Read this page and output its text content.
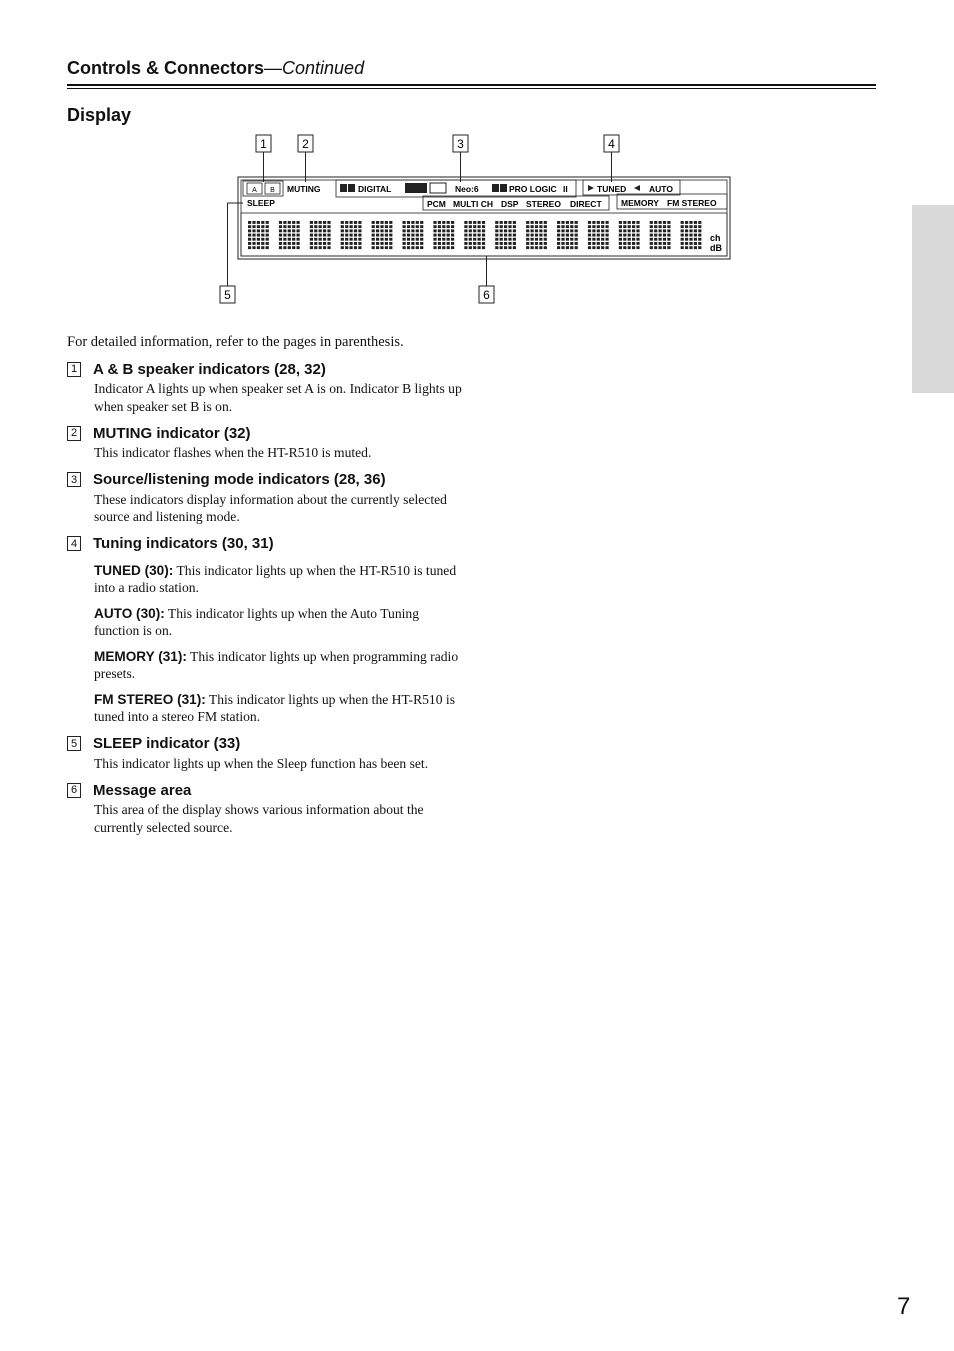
Controls & Connectors—Continued
Display
1	2	3	4
5	6
A B MUTING
SLEEP
DIGITAL	Neo:6	PRO LOGIC II
PCM MULTI CH DSP STEREO DIRECT
TUNED	AUTO
MEMORY FM STEREO
ch
dB
For detailed information, refer to the pages in parenthesis.
1 A & B speaker indicators (28, 32)
Indicator A lights up when speaker set A is on. Indicator B lights up when speaker set B is on.
2 MUTING indicator (32)
This indicator flashes when the HT-R510 is muted.
3 Source/listening mode indicators (28, 36)
These indicators display information about the currently selected source and listening mode.
4 Tuning indicators (30, 31)
TUNED (30): This indicator lights up when the HT-R510 is tuned into a radio station.
AUTO (30): This indicator lights up when the Auto Tuning function is on.
MEMORY (31): This indicator lights up when programming radio presets.
FM STEREO (31): This indicator lights up when the HT-R510 is tuned into a stereo FM station.
5 SLEEP indicator (33)
This indicator lights up when the Sleep function has been set.
6 Message area
This area of the display shows various information about the currently selected source.
7
